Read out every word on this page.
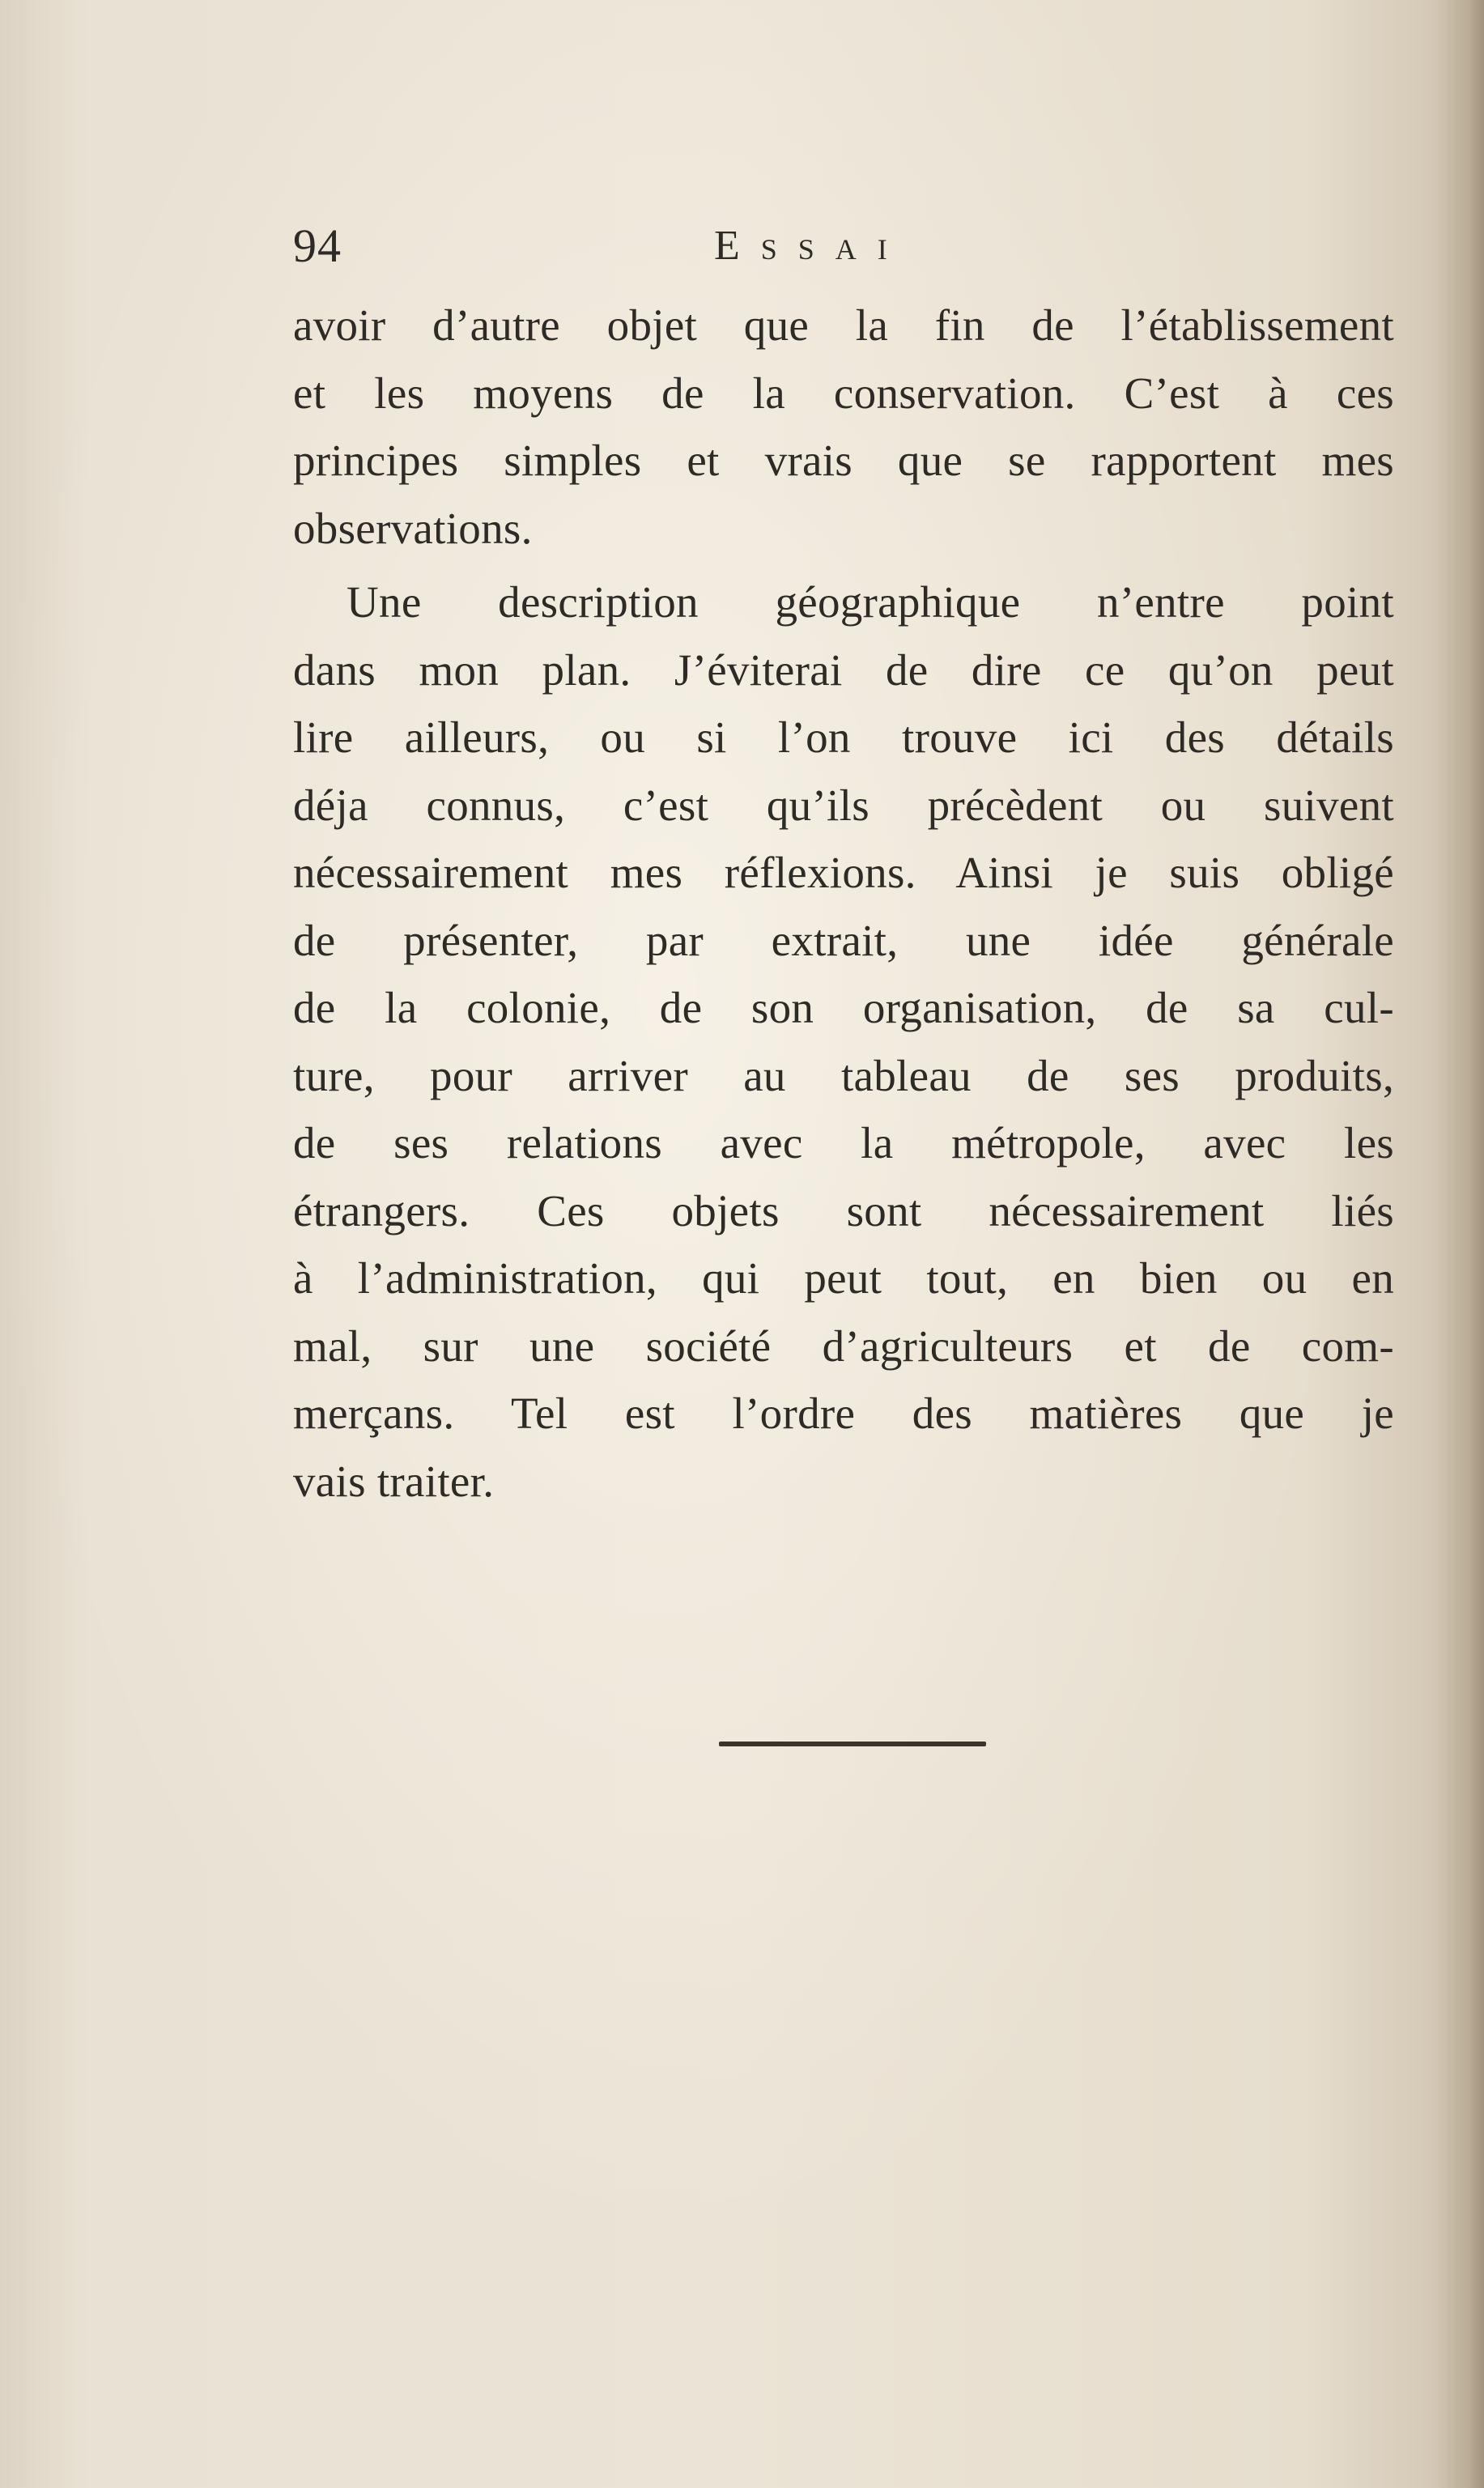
94	Essai
avoir d’autre objet que la fin de l’établissement
et les moyens de la conservation. C’est à ces
principes simples et vrais que se rapportent mes
observations.
Une description géographique n’entre point
dans mon plan. J’éviterai de dire ce qu’on peut
lire ailleurs, ou si l’on trouve ici des détails
déja connus, c’est qu’ils précèdent ou suivent
nécessairement mes réflexions. Ainsi je suis obligé
de présenter, par extrait, une idée générale
de la colonie, de son organisation, de sa cul-
ture, pour arriver au tableau de ses produits,
de ses relations avec la métropole, avec les
étrangers. Ces objets sont nécessairement liés
à l’administration, qui peut tout, en bien ou en
mal, sur une société d’agriculteurs et de com-
merçans. Tel est l’ordre des matières que je
vais traiter.
